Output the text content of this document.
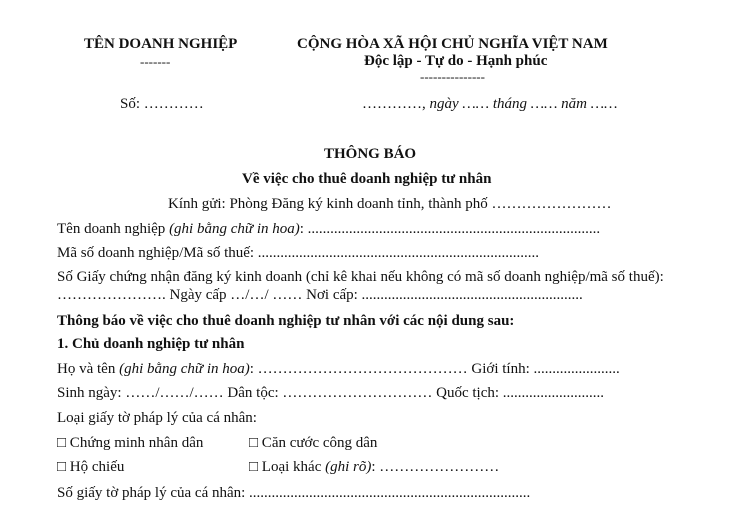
TÊN DOANH NGHIỆP
-------
CỘNG HÒA XÃ HỘI CHỦ NGHĨA VIỆT NAM
Độc lập - Tự do - Hạnh phúc
---------------
Số: …………	…………, ngày …… tháng …… năm ……
THÔNG BÁO
Về việc cho thuê doanh nghiệp tư nhân
Kính gửi: Phòng Đăng ký kinh doanh tỉnh, thành phố ……………………
Tên doanh nghiệp (ghi bằng chữ in hoa): ..............................................................................
Mã số doanh nghiệp/Mã số thuế: ...........................................................................
Số Giấy chứng nhận đăng ký kinh doanh (chỉ kê khai nếu không có mã số doanh nghiệp/mã số thuế):
…………………. Ngày cấp …/…/ …… Nơi cấp: ...........................................................
Thông báo về việc cho thuê doanh nghiệp tư nhân với các nội dung sau:
1. Chủ doanh nghiệp tư nhân
Họ và tên (ghi bằng chữ in hoa): …………………………………… Giới tính: .......................
Sinh ngày: ……/……/…… Dân tộc: ………………………… Quốc tịch: ...........................
Loại giấy tờ pháp lý của cá nhân:
□ Chứng minh nhân dân	□ Căn cước công dân
□ Hộ chiếu	□ Loại khác (ghi rõ): ……………………
Số giấy tờ pháp lý của cá nhân: ...........................................................................
